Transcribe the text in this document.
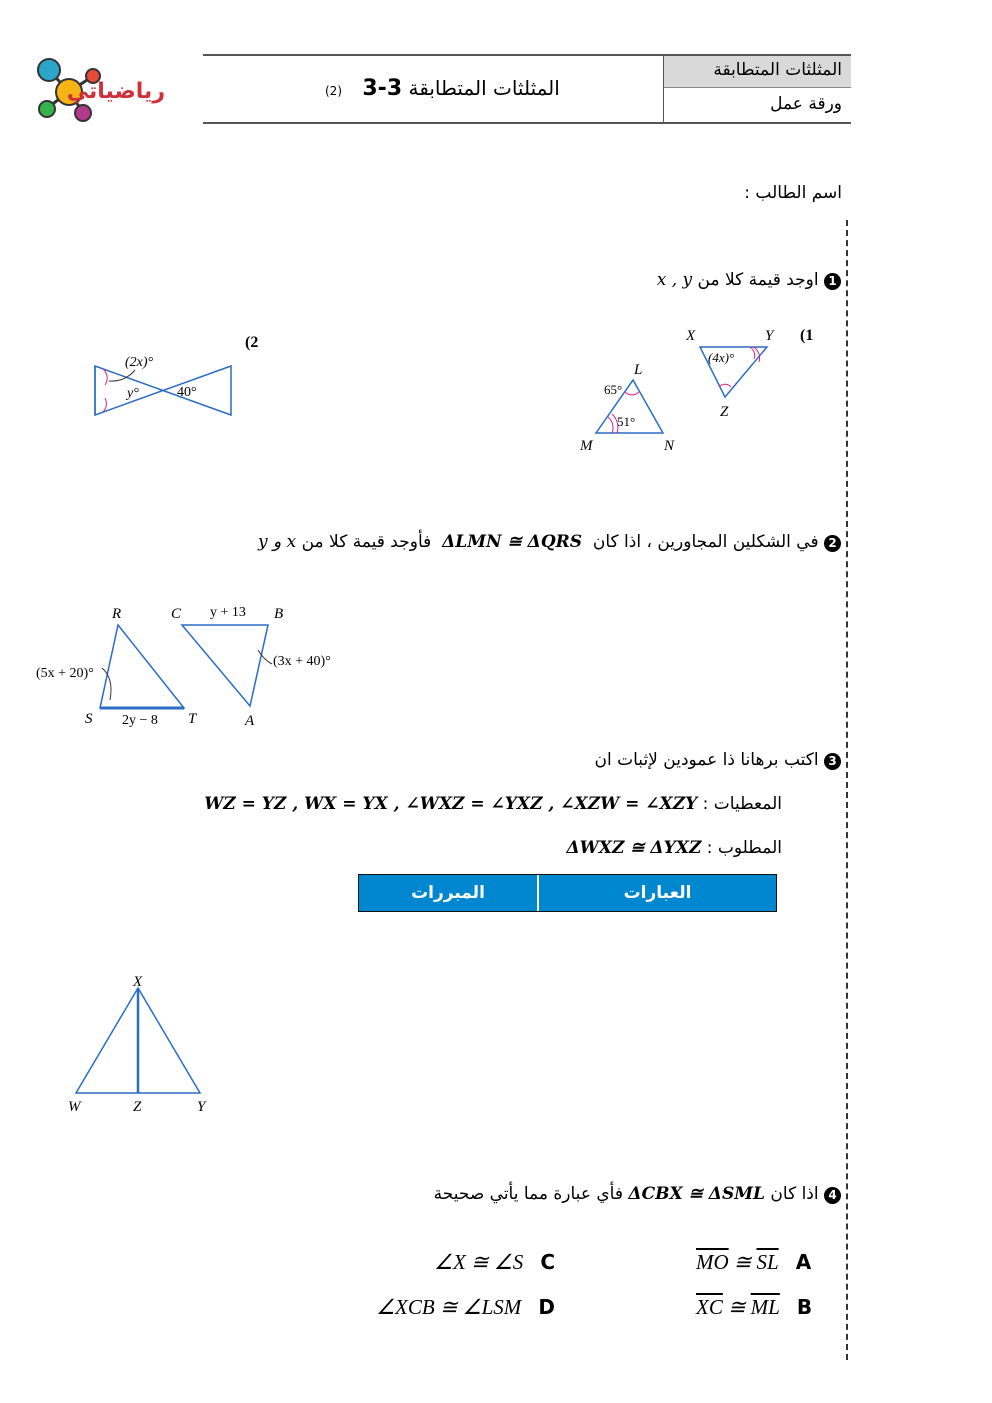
رياضياتي
المثلثات المتطابقة
ورقة عمل
(2)	المثلثات المتطابقة 3-3
اسم الطالب :
1 اوجد قيمة كلا من x , y
(1
X	Y
Z
(4x)°
L
M	N
65°
51°
(2
(2x)°
y°	40°
2 في الشكلين المجاورين ، اذا كان  ΔLMN ≅ ΔQRS  فأوجد قيمة كلا من y و x
R
S	T
C	B
A
2y − 8
y + 13
(5x + 20)°
(3x + 40)°
3 اكتب برهانا ذا عمودين لإثبات ان
المعطيات : WZ = YZ , WX = YX , ∠WXZ = ∠YXZ , ∠XZW = ∠XZY
المطلوب : ΔWXZ ≅ ΔYXZ
العبارات
المبررات
X
W	Z	Y
4 اذا كان ΔCBX ≅ ΔSML فأي عبارة مما يأتي صحيحة
$\overline{MO}$ ≅ $\overline{SL}$ A
$\overline{XC}$ ≅ $\overline{ML}$ B
∠X ≅ ∠S C
∠XCB ≅ ∠LSM D
